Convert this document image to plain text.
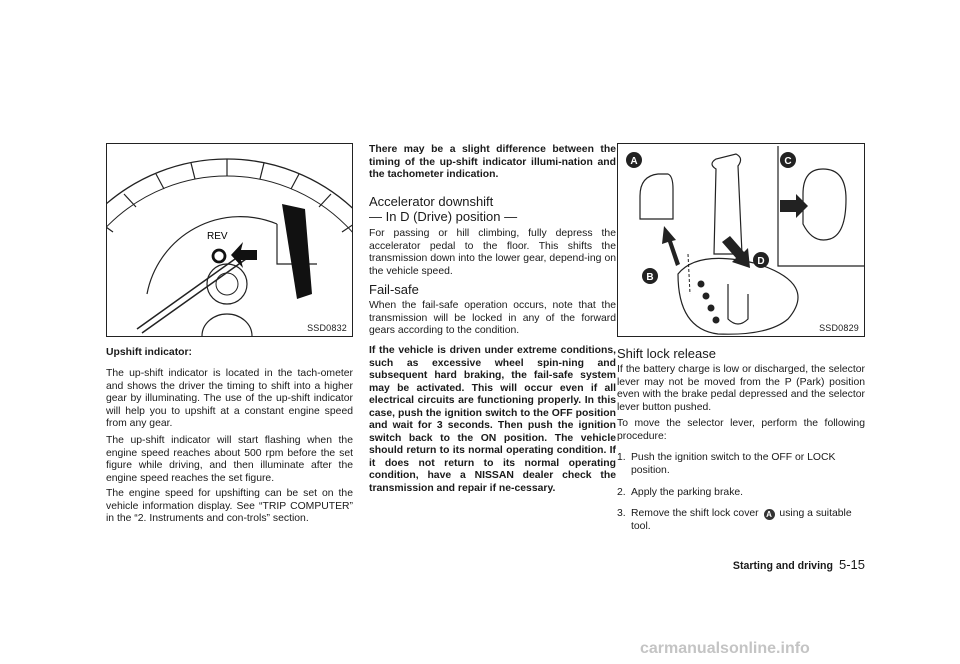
REV
SSD0832

Upshift indicator:

The up-shift indicator is located in the tach-ometer and shows the driver the timing to shift into a higher gear by illuminating. The use of the up-shift indicator will help you to upshift at a constant engine speed from any gear.

The up-shift indicator will start flashing when the engine speed reaches about 500 rpm before the set figure while driving, and then illuminate after the engine speed reaches the set figure.

The engine speed for upshifting can be set on the vehicle information display. See “TRIP COMPUTER” in the “2. Instruments and con-trols” section.

There may be a slight difference between the timing of the up-shift indicator illumi-nation and the tachometer indication.

Accelerator downshift

— In D (Drive) position —

For passing or hill climbing, fully depress the accelerator pedal to the floor. This shifts the transmission down into the lower gear, depend-ing on the vehicle speed.

Fail-safe

When the fail-safe operation occurs, note that the transmission will be locked in any of the forward gears according to the condition.

If the vehicle is driven under extreme conditions, such as excessive wheel spin-ning and subsequent hard braking, the fail-safe system may be activated. This will occur even if all electrical circuits are functioning properly. In this case, push the ignition switch to the OFF position and wait for 3 seconds. Then push the ignition switch back to the ON position. The vehicle should return to its normal operating condition. If it does not return to its normal operating condition, have a NISSAN dealer check the transmission and repair if ne-cessary.

A
B
C
D
SSD0829

Shift lock release

If the battery charge is low or discharged, the selector lever may not be moved from the P (Park) position even with the brake pedal depressed and the selector lever button pushed.

To move the selector lever, perform the following procedure:

1. Push the ignition switch to the OFF or LOCK position.
2. Apply the parking brake.
3. Remove the shift lock cover A using a suitable tool.
Starting and driving 5-15
carmanualsonline.info
